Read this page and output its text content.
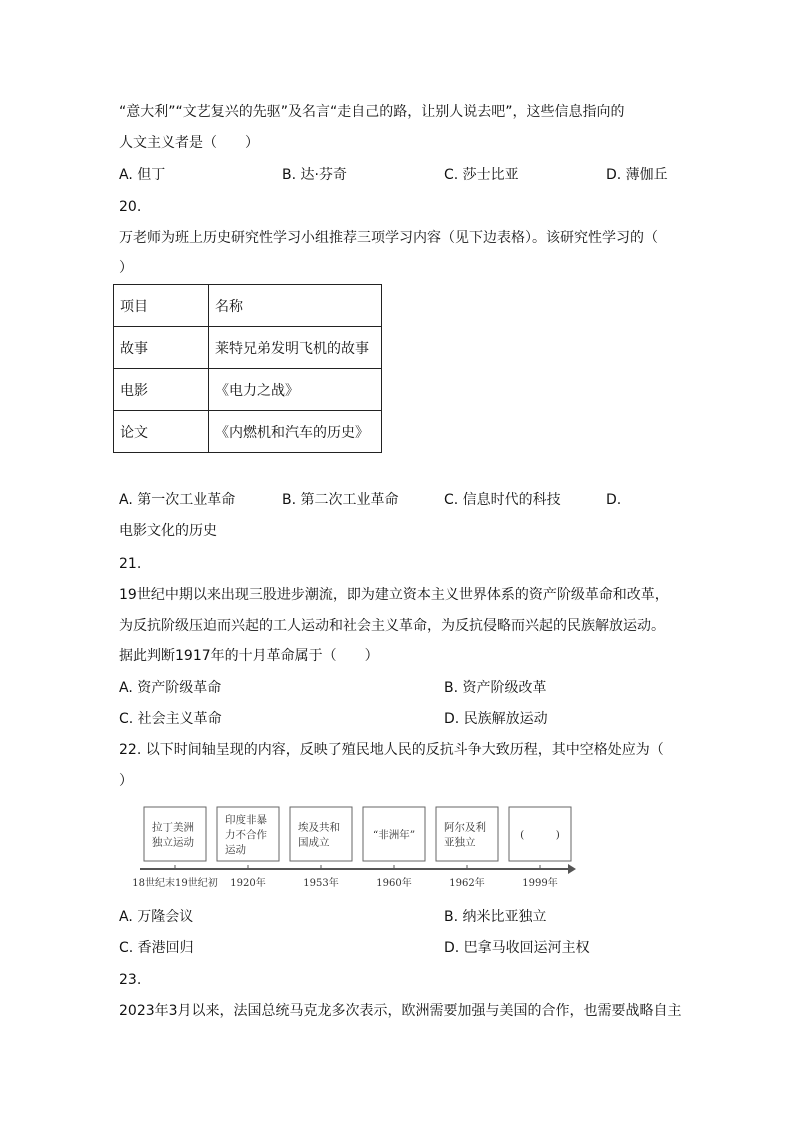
“意大利”“文艺复兴的先驱”及名言“走自己的路，让别人说去吧”，这些信息指向的
人文主义者是（　　）
A. 但丁	B. 达·芬奇	C. 莎士比亚	D. 薄伽丘
20.
万老师为班上历史研究性学习小组推荐三项学习内容（见下边表格）。该研究性学习的（
）
项目	名称
故事	莱特兄弟发明飞机的故事
电影	《电力之战》
论文	《内燃机和汽车的历史》
A. 第一次工业革命	B. 第二次工业革命	C. 信息时代的科技	D.
电影文化的历史
21.
19世纪中期以来出现三股进步潮流，即为建立资本主义世界体系的资产阶级革命和改革，
为反抗阶级压迫而兴起的工人运动和社会主义革命，为反抗侵略而兴起的民族解放运动。
据此判断1917年的十月革命属于（　　）
A. 资产阶级革命	B. 资产阶级改革
C. 社会主义革命	D. 民族解放运动
22. 以下时间轴呈现的内容，反映了殖民地人民的反抗斗争大致历程，其中空格处应为（
）
拉丁美洲
独立运动
18世纪末19世纪初
印度非暴
力不合作
运动
1920年
埃及共和
国成立
1953年
“非洲年”
1960年
阿尔及利
亚独立
1962年
(　　　)
1999年
A. 万隆会议	B. 纳米比亚独立
C. 香港回归	D. 巴拿马收回运河主权
23.
2023年3月以来，法国总统马克龙多次表示，欧洲需要加强与美国的合作，也需要战略自主
